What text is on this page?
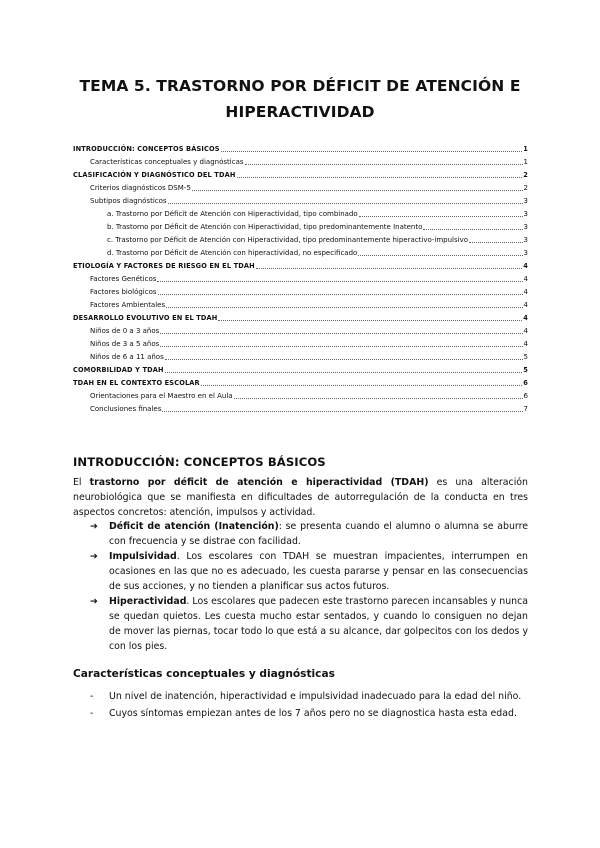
TEMA 5. TRASTORNO POR DÉFICIT DE ATENCIÓN E
HIPERACTIVIDAD
INTRODUCCIÓN: CONCEPTOS BÁSICOS	1
Características conceptuales y diagnósticas	1
CLASIFICACIÓN Y DIAGNÓSTICO DEL TDAH	2
Criterios diagnósticos DSM-5	2
Subtipos diagnósticos	3
a. Trastorno por Déficit de Atención con Hiperactividad, tipo combinado	3
b. Trastorno por Déficit de Atención con Hiperactividad, tipo predominantemente Inatento	3
c. Trastorno por Déficit de Atención con Hiperactividad, tipo predominantemente hiperactivo-impulsivo	3
d. Trastorno por Déficit de Atención con hiperactividad, no especificado	3
ETIOLOGÍA Y FACTORES DE RIESGO EN EL TDAH	4
Factores Genéticos	4
Factores biológicos	4
Factores Ambientales	4
DESARROLLO EVOLUTIVO EN EL TDAH	4
Niños de 0 a 3 años	4
Niños de 3 a 5 años	4
Niños de 6 a 11 años	5
COMORBILIDAD Y TDAH	5
TDAH EN EL CONTEXTO ESCOLAR	6
Orientaciones para el Maestro en el Aula	6
Conclusiones finales	7
INTRODUCCIÓN: CONCEPTOS BÁSICOS
El trastorno por déficit de atención e hiperactividad (TDAH) es una alteración neurobiológica que se manifiesta en dificultades de autorregulación de la conducta en tres aspectos concretos: atención, impulsos y actividad.
➔	Déficit de atención (Inatención): se presenta cuando el alumno o alumna se aburre con frecuencia y se distrae con facilidad.
➔	Impulsividad. Los escolares con TDAH se muestran impacientes, interrumpen en ocasiones en las que no es adecuado, les cuesta pararse y pensar en las consecuencias de sus acciones, y no tienden a planificar sus actos futuros.
➔	Hiperactividad. Los escolares que padecen este trastorno parecen incansables y nunca se quedan quietos. Les cuesta mucho estar sentados, y cuando lo consiguen no dejan de mover las piernas, tocar todo lo que está a su alcance, dar golpecitos con los dedos y con los pies.
Características conceptuales y diagnósticas
-	Un nivel de inatención, hiperactividad e impulsividad inadecuado para la edad del niño.
-	Cuyos síntomas empiezan antes de los 7 años pero no se diagnostica hasta esta edad.
